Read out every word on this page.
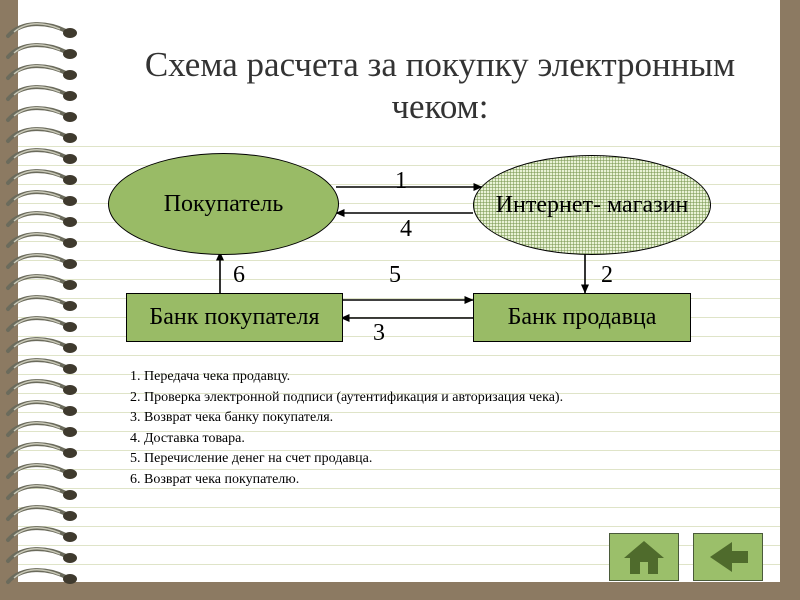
Схема расчета за покупку электронным
чеком:
Покупатель	Интернет- магазин
Банк покупателя	Банк продавца
1
2
3
4
5
6
1. Передача чека продавцу.
2. Проверка электронной подписи (аутентификация и авторизация чека).
3. Возврат чека банку покупателя.
4. Доставка товара.
5. Перечисление денег на счет продавца.
6. Возврат чека покупателю.
